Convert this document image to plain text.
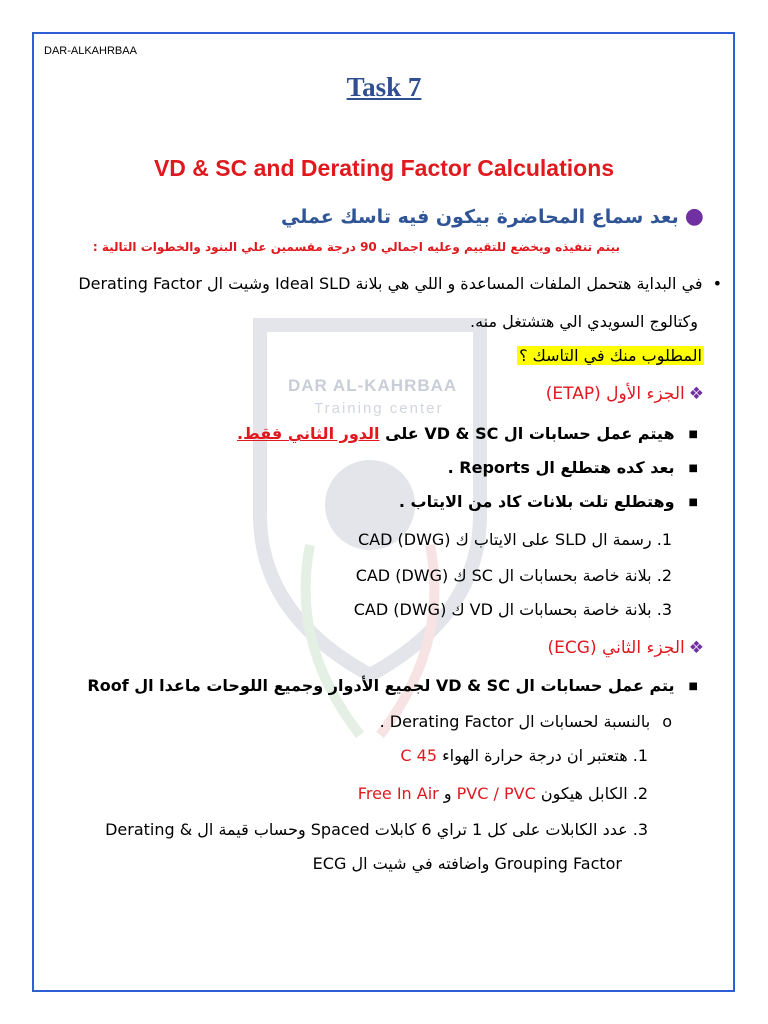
DAR-ALKAHRBAA
DAR AL-KAHRBAA
Training center
Task 7
VD & SC and Derating Factor Calculations
●بعد سماع المحاضرة بيكون فيه تاسك عملي
بيتم تنفيذه ويخضع للتقييم وعليه اجمالي 90 درجة مقسمين علي البنود والخطوات التالية :
•في البداية هتحمل الملفات المساعدة و اللي هي بلانة Ideal SLD وشيت ال Derating Factor
وكتالوج السويدي الي هتشتغل منه.
المطلوب منك في التاسك ؟
❖الجزء الأول (ETAP)
■هيتم عمل حسابات ال VD & SC على الدور الثاني فقط.
■بعد كده هتطلع ال Reports .
■وهتطلع تلت بلانات كاد من الايتاب .
1. رسمة ال SLD على الايتاب ك (CAD (DWG
2. بلانة خاصة بحسابات ال SC ك (CAD (DWG
3. بلانة خاصة بحسابات ال VD ك (CAD (DWG
❖الجزء الثاني (ECG)
■يتم عمل حسابات ال VD & SC لجميع الأدوار وجميع اللوحات ماعدا ال Roof
oبالنسبة لحسابات ال Derating Factor .
1. هتعتبر ان درجة حرارة الهواء 45 C
2. الكابل هيكون PVC / PVC و Free In Air
3. عدد الكابلات على كل 1 تراي 6 كابلات Spaced وحساب قيمة ال & Derating
Grouping Factor واضافته في شيت ال ECG
